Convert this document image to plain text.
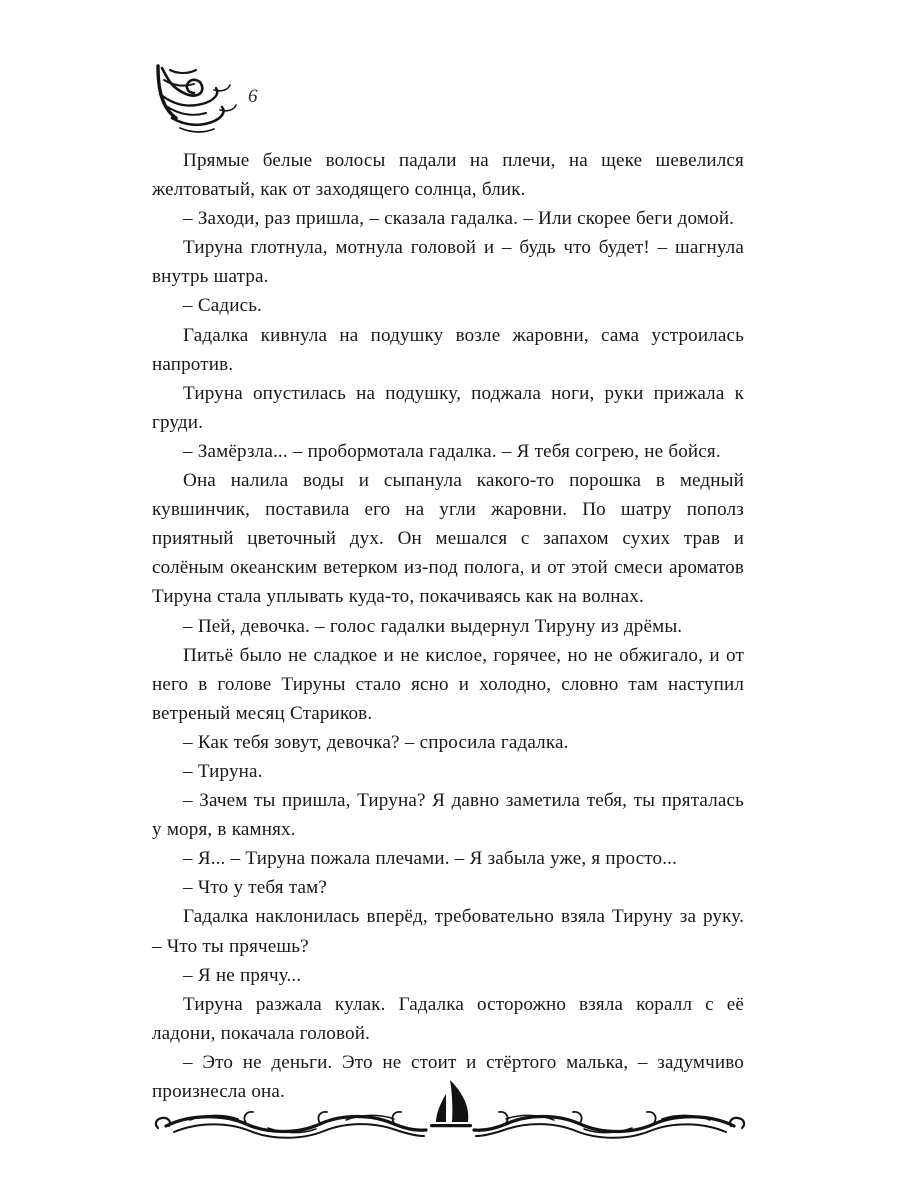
6

Прямые белые волосы падали на плечи, на щеке шевелился желтоватый, как от заходящего солнца, блик.

– Заходи, раз пришла, – сказала гадалка. – Или скорее беги домой.

Тируна глотнула, мотнула головой и – будь что будет! – шагнула внутрь шатра.

– Садись.

Гадалка кивнула на подушку возле жаровни, сама устроилась напротив.

Тируна опустилась на подушку, поджала ноги, руки прижала к груди.

– Замёрзла... – пробормотала гадалка. – Я тебя согрею, не бойся.

Она налила воды и сыпанула какого-то порошка в медный кувшинчик, поставила его на угли жаровни. По шатру пополз приятный цветочный дух. Он мешался с запахом сухих трав и солёным океанским ветерком из-под полога, и от этой смеси ароматов Тируна стала уплывать куда-то, покачиваясь как на волнах.

– Пей, девочка. – голос гадалки выдернул Тируну из дрёмы.

Питьё было не сладкое и не кислое, горячее, но не обжигало, и от него в голове Тируны стало ясно и холодно, словно там наступил ветреный месяц Стариков.

– Как тебя зовут, девочка? – спросила гадалка.

– Тируна.

– Зачем ты пришла, Тируна? Я давно заметила тебя, ты пряталась у моря, в камнях.

– Я... – Тируна пожала плечами. – Я забыла уже, я просто...

– Что у тебя там?

Гадалка наклонилась вперёд, требовательно взяла Тируну за руку. – Что ты прячешь?

– Я не прячу...

Тируна разжала кулак. Гадалка осторожно взяла коралл с её ладони, покачала головой.

– Это не деньги. Это не стоит и стёртого малька, – задумчиво произнесла она.
